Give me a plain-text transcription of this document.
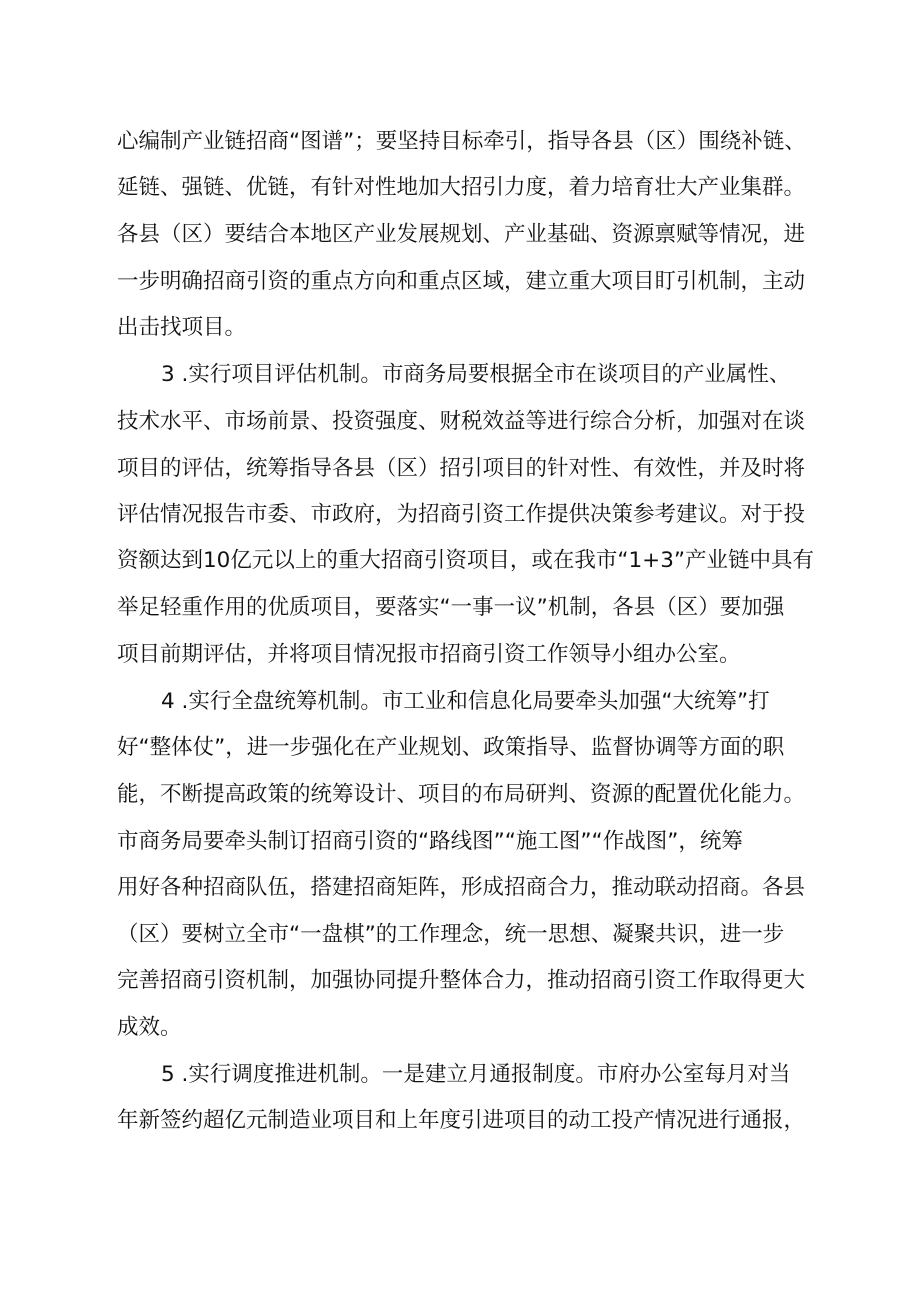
心编制产业链招商“图谱”；要坚持目标牵引，指导各县（区）围绕补链、
延链、强链、优链，有针对性地加大招引力度，着力培育壮大产业集群。
各县（区）要结合本地区产业发展规划、产业基础、资源禀赋等情况，进
一步明确招商引资的重点方向和重点区域，建立重大项目盯引机制，主动
出击找项目。
3 .实行项目评估机制。市商务局要根据全市在谈项目的产业属性、
技术水平、市场前景、投资强度、财税效益等进行综合分析，加强对在谈
项目的评估，统筹指导各县（区）招引项目的针对性、有效性，并及时将
评估情况报告市委、市政府，为招商引资工作提供决策参考建议。对于投
资额达到10亿元以上的重大招商引资项目，或在我市“1+3”产业链中具有
举足轻重作用的优质项目，要落实“一事一议”机制，各县（区）要加强
项目前期评估，并将项目情况报市招商引资工作领导小组办公室。
4 .实行全盘统筹机制。市工业和信息化局要牵头加强“大统筹”打
好“整体仗”，进一步强化在产业规划、政策指导、监督协调等方面的职
能，不断提高政策的统筹设计、项目的布局研判、资源的配置优化能力。
市商务局要牵头制订招商引资的“路线图”“施工图”“作战图”，统筹
用好各种招商队伍，搭建招商矩阵，形成招商合力，推动联动招商。各县
（区）要树立全市“一盘棋”的工作理念，统一思想、凝聚共识，进一步
完善招商引资机制，加强协同提升整体合力，推动招商引资工作取得更大
成效。
5 .实行调度推进机制。一是建立月通报制度。市府办公室每月对当
年新签约超亿元制造业项目和上年度引进项目的动工投产情况进行通报，
